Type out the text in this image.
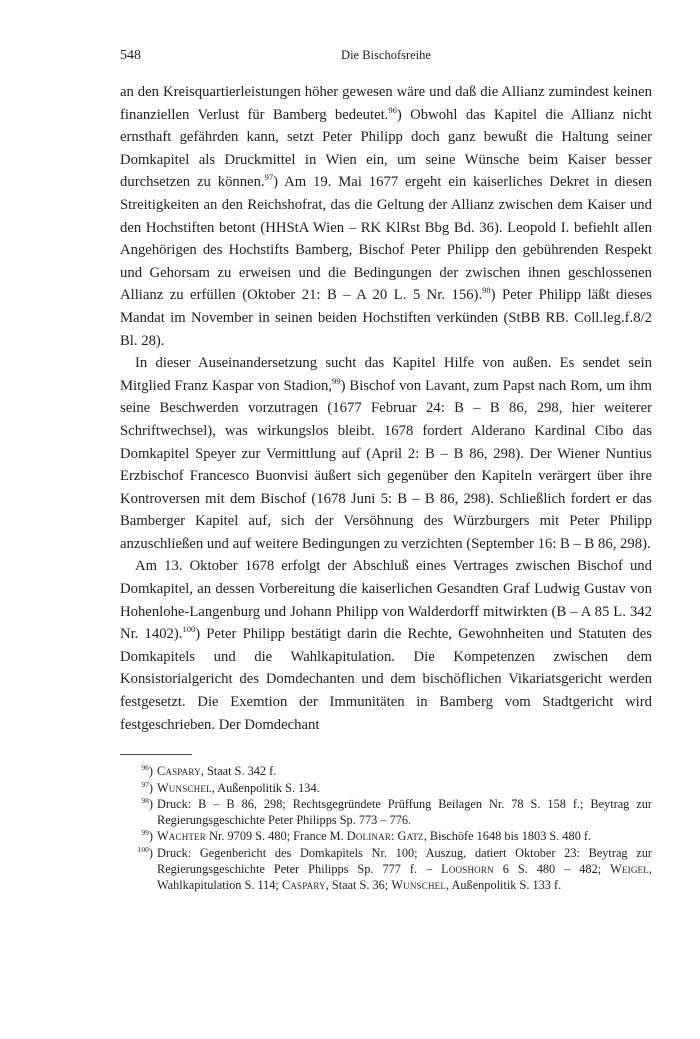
548	Die Bischofsreihe

an den Kreisquartierleistungen höher gewesen wäre und daß die Allianz zumindest keinen finanziellen Verlust für Bamberg bedeutet.$^{96}$) Obwohl das Kapitel die Allianz nicht ernsthaft gefährden kann, setzt Peter Philipp doch ganz bewußt die Haltung seiner Domkapitel als Druckmittel in Wien ein, um seine Wünsche beim Kaiser besser durchsetzen zu können.$^{97}$) Am 19. Mai 1677 ergeht ein kaiserliches Dekret in diesen Streitigkeiten an den Reichshofrat, das die Geltung der Allianz zwischen dem Kaiser und den Hochstiften betont (HHStA Wien – RK KlRst Bbg Bd. 36). Leopold I. befiehlt allen Angehörigen des Hochstifts Bamberg, Bischof Peter Philipp den gebührenden Respekt und Gehorsam zu erweisen und die Bedingungen der zwischen ihnen geschlossenen Allianz zu erfüllen (Oktober 21: B – A 20 L. 5 Nr. 156).$^{98}$) Peter Philipp läßt dieses Mandat im November in seinen beiden Hochstiften verkünden (StBB RB. Coll.leg.f.8/2 Bl. 28).

In dieser Auseinandersetzung sucht das Kapitel Hilfe von außen. Es sendet sein Mitglied Franz Kaspar von Stadion,$^{99}$) Bischof von Lavant, zum Papst nach Rom, um ihm seine Beschwerden vorzutragen (1677 Februar 24: B – B 86, 298, hier weiterer Schriftwechsel), was wirkungslos bleibt. 1678 fordert Alderano Kardinal Cibo das Domkapitel Speyer zur Vermittlung auf (April 2: B – B 86, 298). Der Wiener Nuntius Erzbischof Francesco Buonvisi äußert sich gegenüber den Kapiteln verärgert über ihre Kontroversen mit dem Bischof (1678 Juni 5: B – B 86, 298). Schließlich fordert er das Bamberger Kapitel auf, sich der Versöhnung des Würzburgers mit Peter Philipp anzuschließen und auf weitere Bedingungen zu verzichten (September 16: B – B 86, 298).

Am 13. Oktober 1678 erfolgt der Abschluß eines Vertrages zwischen Bischof und Domkapitel, an dessen Vorbereitung die kaiserlichen Gesandten Graf Ludwig Gustav von Hohenlohe-Langenburg und Johann Philipp von Walderdorff mitwirkten (B – A 85 L. 342 Nr. 1402).$^{100}$) Peter Philipp bestätigt darin die Rechte, Gewohnheiten und Statuten des Domkapitels und die Wahlkapitulation. Die Kompetenzen zwischen dem Konsistorialgericht des Domdechanten und dem bischöflichen Vikariatsgericht werden festgesetzt. Die Exemtion der Immunitäten in Bamberg vom Stadtgericht wird festgeschrieben. Der Domdechant

$^{96}$) Caspary, Staat S. 342 f.
$^{97}$) Wunschel, Außenpolitik S. 134.
$^{98}$) Druck: B – B 86, 298; Rechtsgegründete Prüffung Beilagen Nr. 78 S. 158 f.; Beytrag zur Regierungsgeschichte Peter Philipps Sp. 773 – 776.
$^{99}$) Wachter Nr. 9709 S. 480; France M. Dolinar: Gatz, Bischöfe 1648 bis 1803 S. 480 f.
$^{100}$) Druck: Gegenbericht des Domkapitels Nr. 100; Auszug, datiert Oktober 23: Beytrag zur Regierungsgeschichte Peter Philipps Sp. 777 f. – Looshorn 6 S. 480 – 482; Weigel, Wahlkapitulation S. 114; Caspary, Staat S. 36; Wunschel, Außenpolitik S. 133 f.
